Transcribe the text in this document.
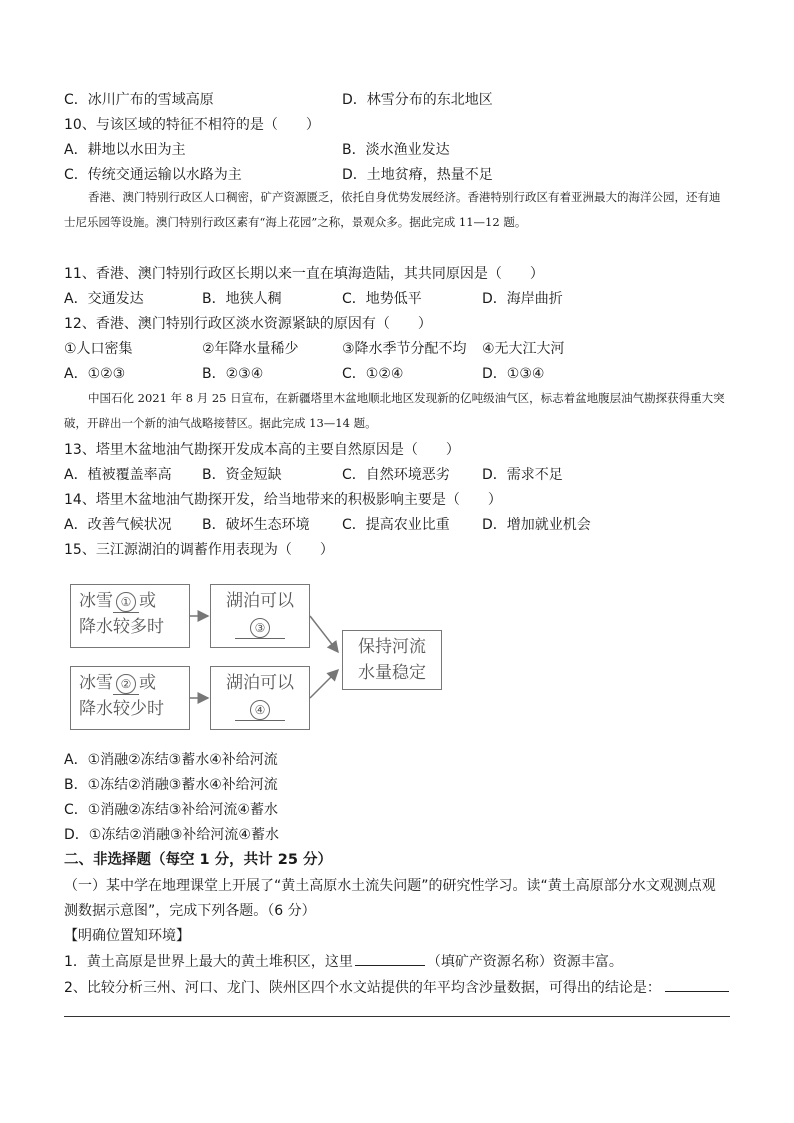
C．冰川广布的雪域高原	D．林雪分布的东北地区
10、与该区域的特征不相符的是（　　）
A．耕地以水田为主	B．淡水渔业发达
C．传统交通运输以水路为主	D．土地贫瘠，热量不足
香港、澳门特别行政区人口稠密，矿产资源匮乏，依托自身优势发展经济。香港特别行政区有着亚洲最大的海洋公园，还有迪士尼乐园等设施。澳门特别行政区素有“海上花园”之称，景观众多。据此完成 11—12 题。
11、香港、澳门特别行政区长期以来一直在填海造陆，其共同原因是（　　）
A．交通发达	B．地狭人稠	C．地势低平	D．海岸曲折
12、香港、澳门特别行政区淡水资源紧缺的原因有（　　）
①人口密集	②年降水量稀少	③降水季节分配不均 ④无大江大河
A．①②③	B．②③④	C．①②④	D．①③④
中国石化 2021 年 8 月 25 日宣布，在新疆塔里木盆地顺北地区发现新的亿吨级油气区，标志着盆地腹层油气勘探获得重大突破，开辟出一个新的油气战略接替区。据此完成 13—14 题。
13、塔里木盆地油气勘探开发成本高的主要自然原因是（　　）
A．植被覆盖率高 B．资金短缺	C．自然环境恶劣 D．需求不足
14、塔里木盆地油气勘探开发，给当地带来的积极影响主要是（　　）
A．改善气候状况 B．破坏生态环境 C．提高农业比重 D．增加就业机会
15、三江源湖泊的调蓄作用表现为（　　）
冰雪 ① 或
降水较多时
湖泊可以
③
冰雪 ② 或
降水较少时
湖泊可以
④
保持河流
水量稳定
A．①消融②冻结③蓄水④补给河流
B．①冻结②消融③蓄水④补给河流
C．①消融②冻结③补给河流④蓄水
D．①冻结②消融③补给河流④蓄水
二、非选择题（每空 1 分，共计 25 分）
（一）某中学在地理课堂上开展了“黄土高原水土流失问题”的研究性学习。读“黄土高原部分水文观测点观
测数据示意图”，完成下列各题。（6 分）
【明确位置知环境】
1．黄土高原是世界上最大的黄土堆积区，这里	（填矿产资源名称）资源丰富。
2、比较分析三州、河口、龙门、陕州区四个水文站提供的年平均含沙量数据，可得出的结论是：
